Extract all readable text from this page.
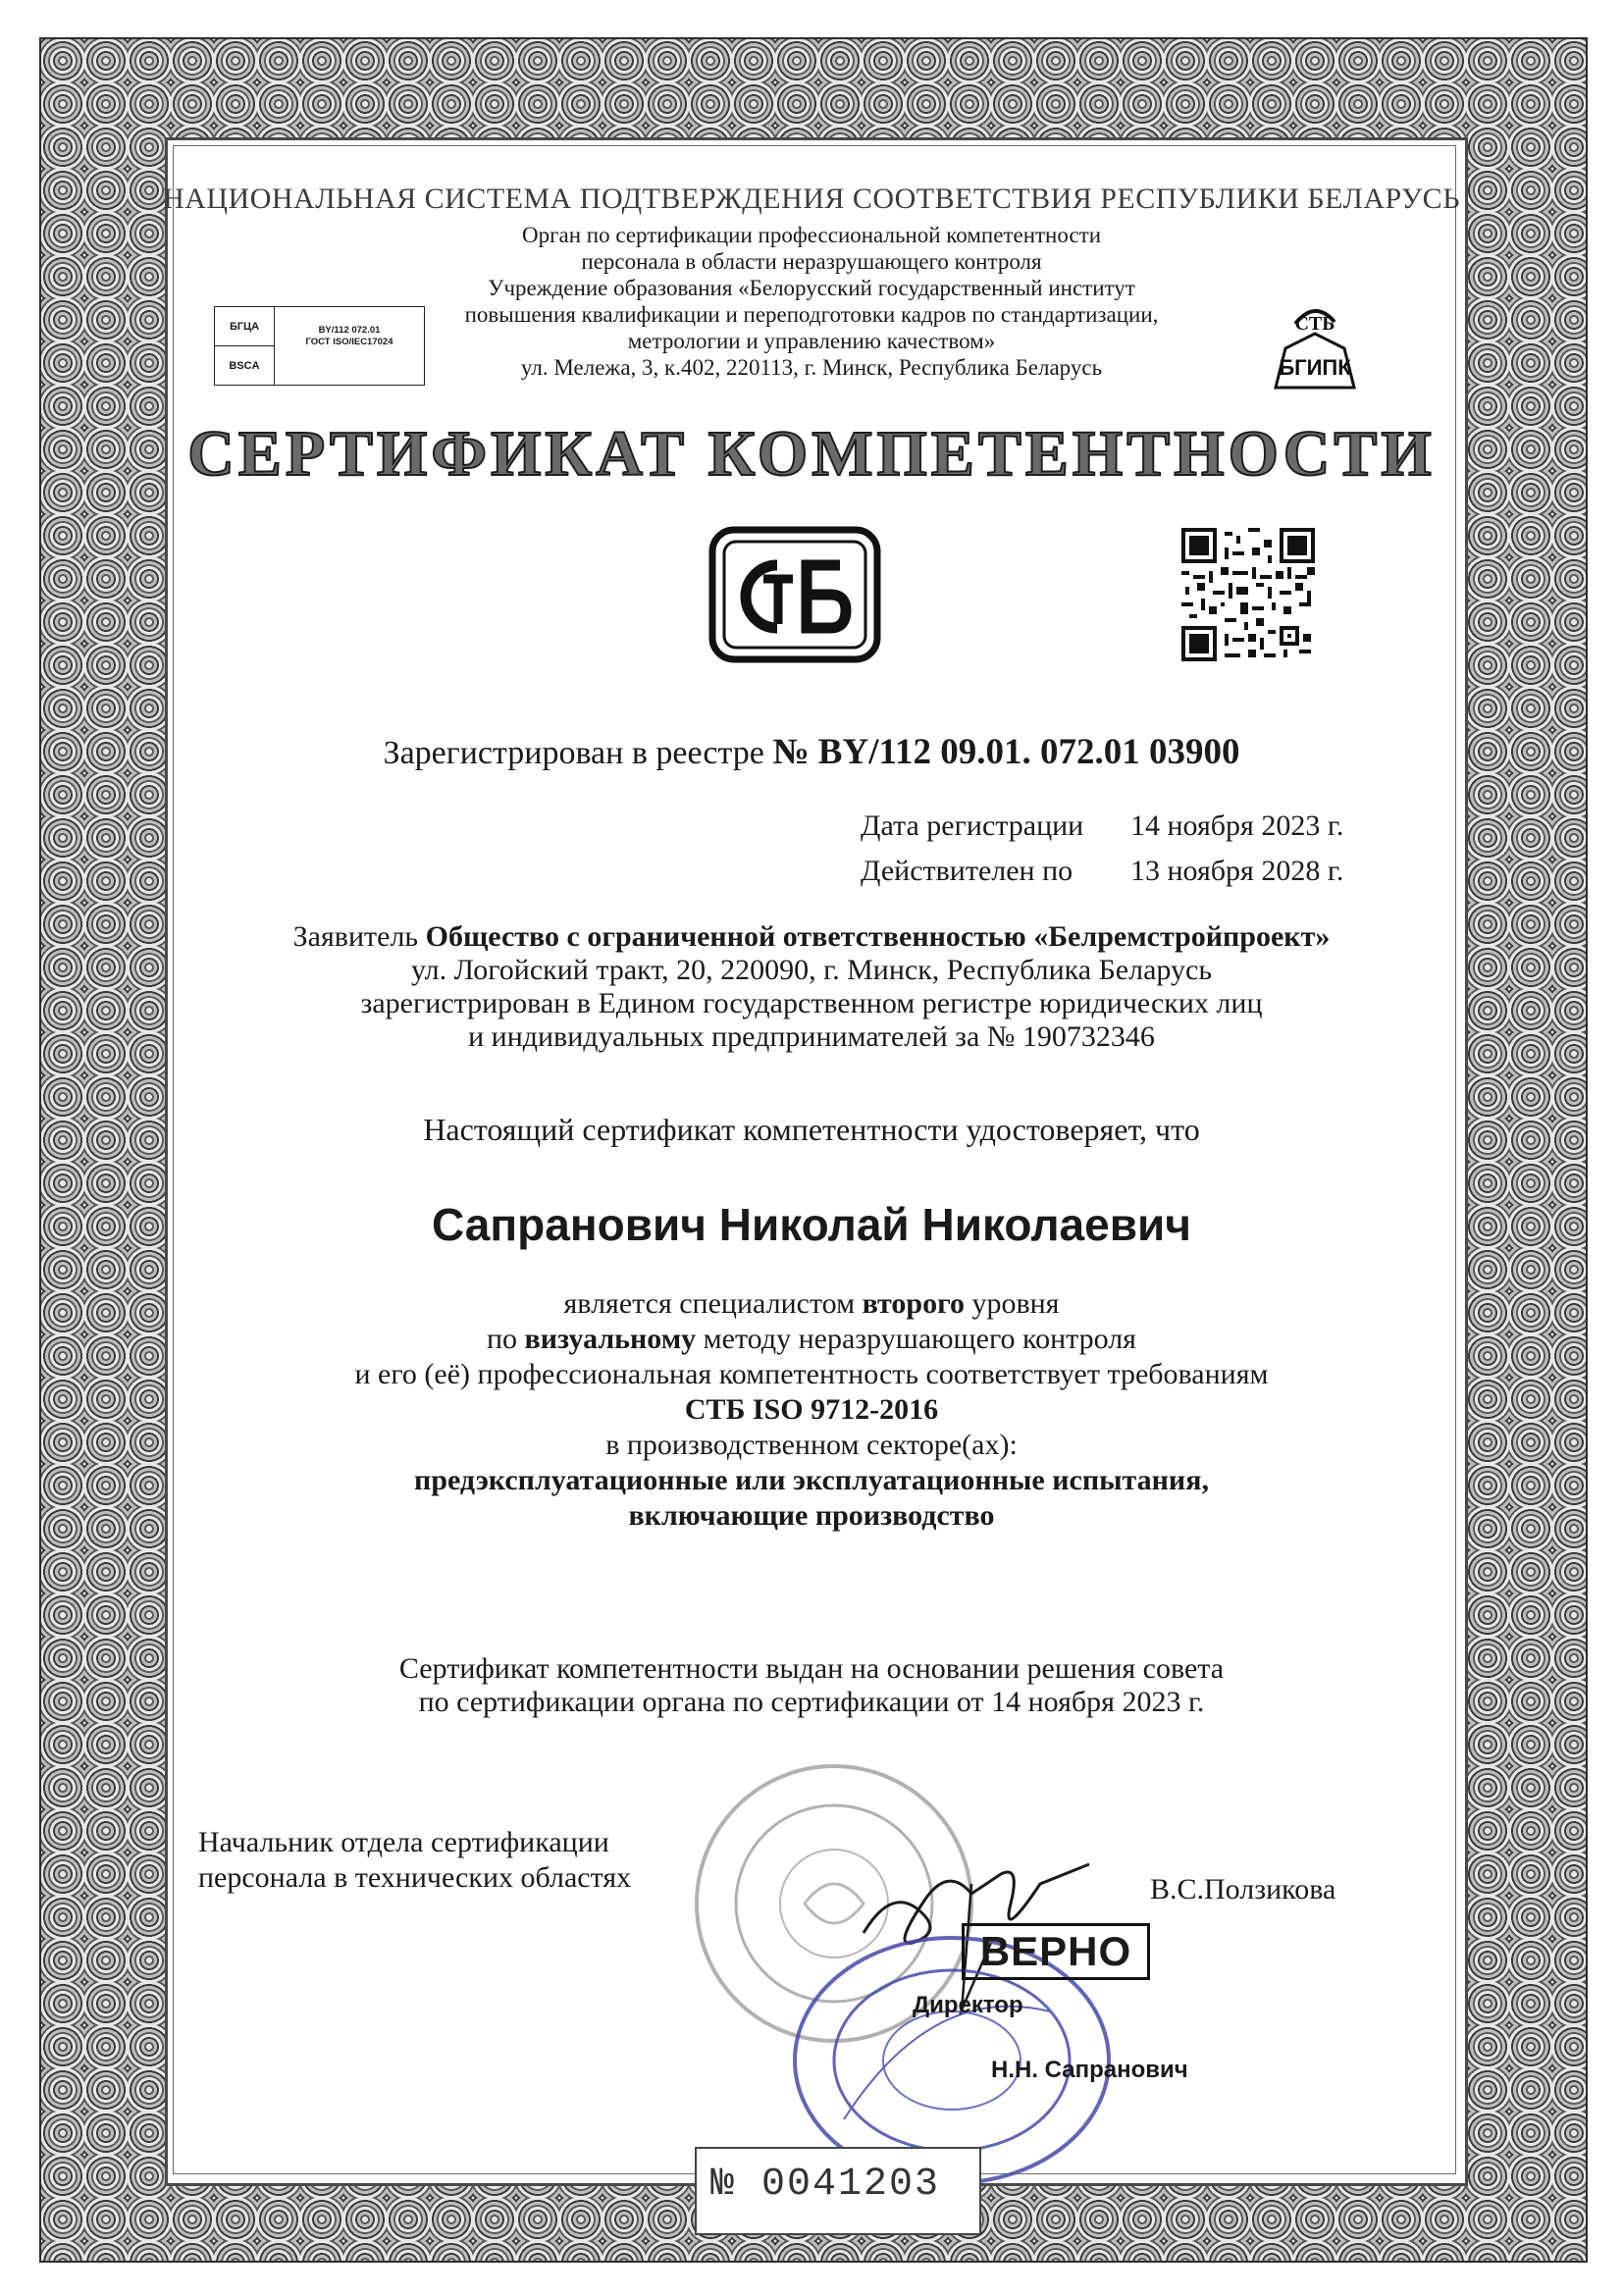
НАЦИОНАЛЬНАЯ СИСТЕМА ПОДТВЕРЖДЕНИЯ СООТВЕТСТВИЯ РЕСПУБЛИКИ БЕЛАРУСЬ
Орган по сертификации профессиональной компетентности
персонала в области неразрушающего контроля
Учреждение образования «Белорусский государственный институт
повышения квалификации и переподготовки кадров по стандартизации,
метрологии и управлению качеством»
ул. Мележа, 3, к.402, 220113, г. Минск, Республика Беларусь
БГЦА
BSCA
BY/112 072.01
ГОСТ ISO/IEC17024
СТБ
БГИПК
СЕРТИФИКАТ КОМПЕТЕНТНОСТИ
Зарегистрирован в реестре № BY/112 09.01. 072.01 03900
Дата регистрации 14 ноября 2023 г.
Действителен по 13 ноября 2028 г.
Заявитель Общество с ограниченной ответственностью «Белремстройпроект»
ул. Логойский тракт, 20, 220090, г. Минск, Республика Беларусь
зарегистрирован в Едином государственном регистре юридических лиц
и индивидуальных предпринимателей за № 190732346
Настоящий сертификат компетентности удостоверяет, что
Сапранович Николай Николаевич
является специалистом второго уровня
по визуальному методу неразрушающего контроля
и его (её) профессиональная компетентность соответствует требованиям
СТБ ISO 9712-2016
в производственном секторе(ах):
предэксплуатационные или эксплуатационные испытания,
включающие производство
Сертификат компетентности выдан на основании решения совета
по сертификации органа по сертификации от 14 ноября 2023 г.
Начальник отдела сертификации
персонала в технических областях	В.С.Ползикова
ВЕРНО
Директор
Н.Н. Сапранович
№ 0041203
